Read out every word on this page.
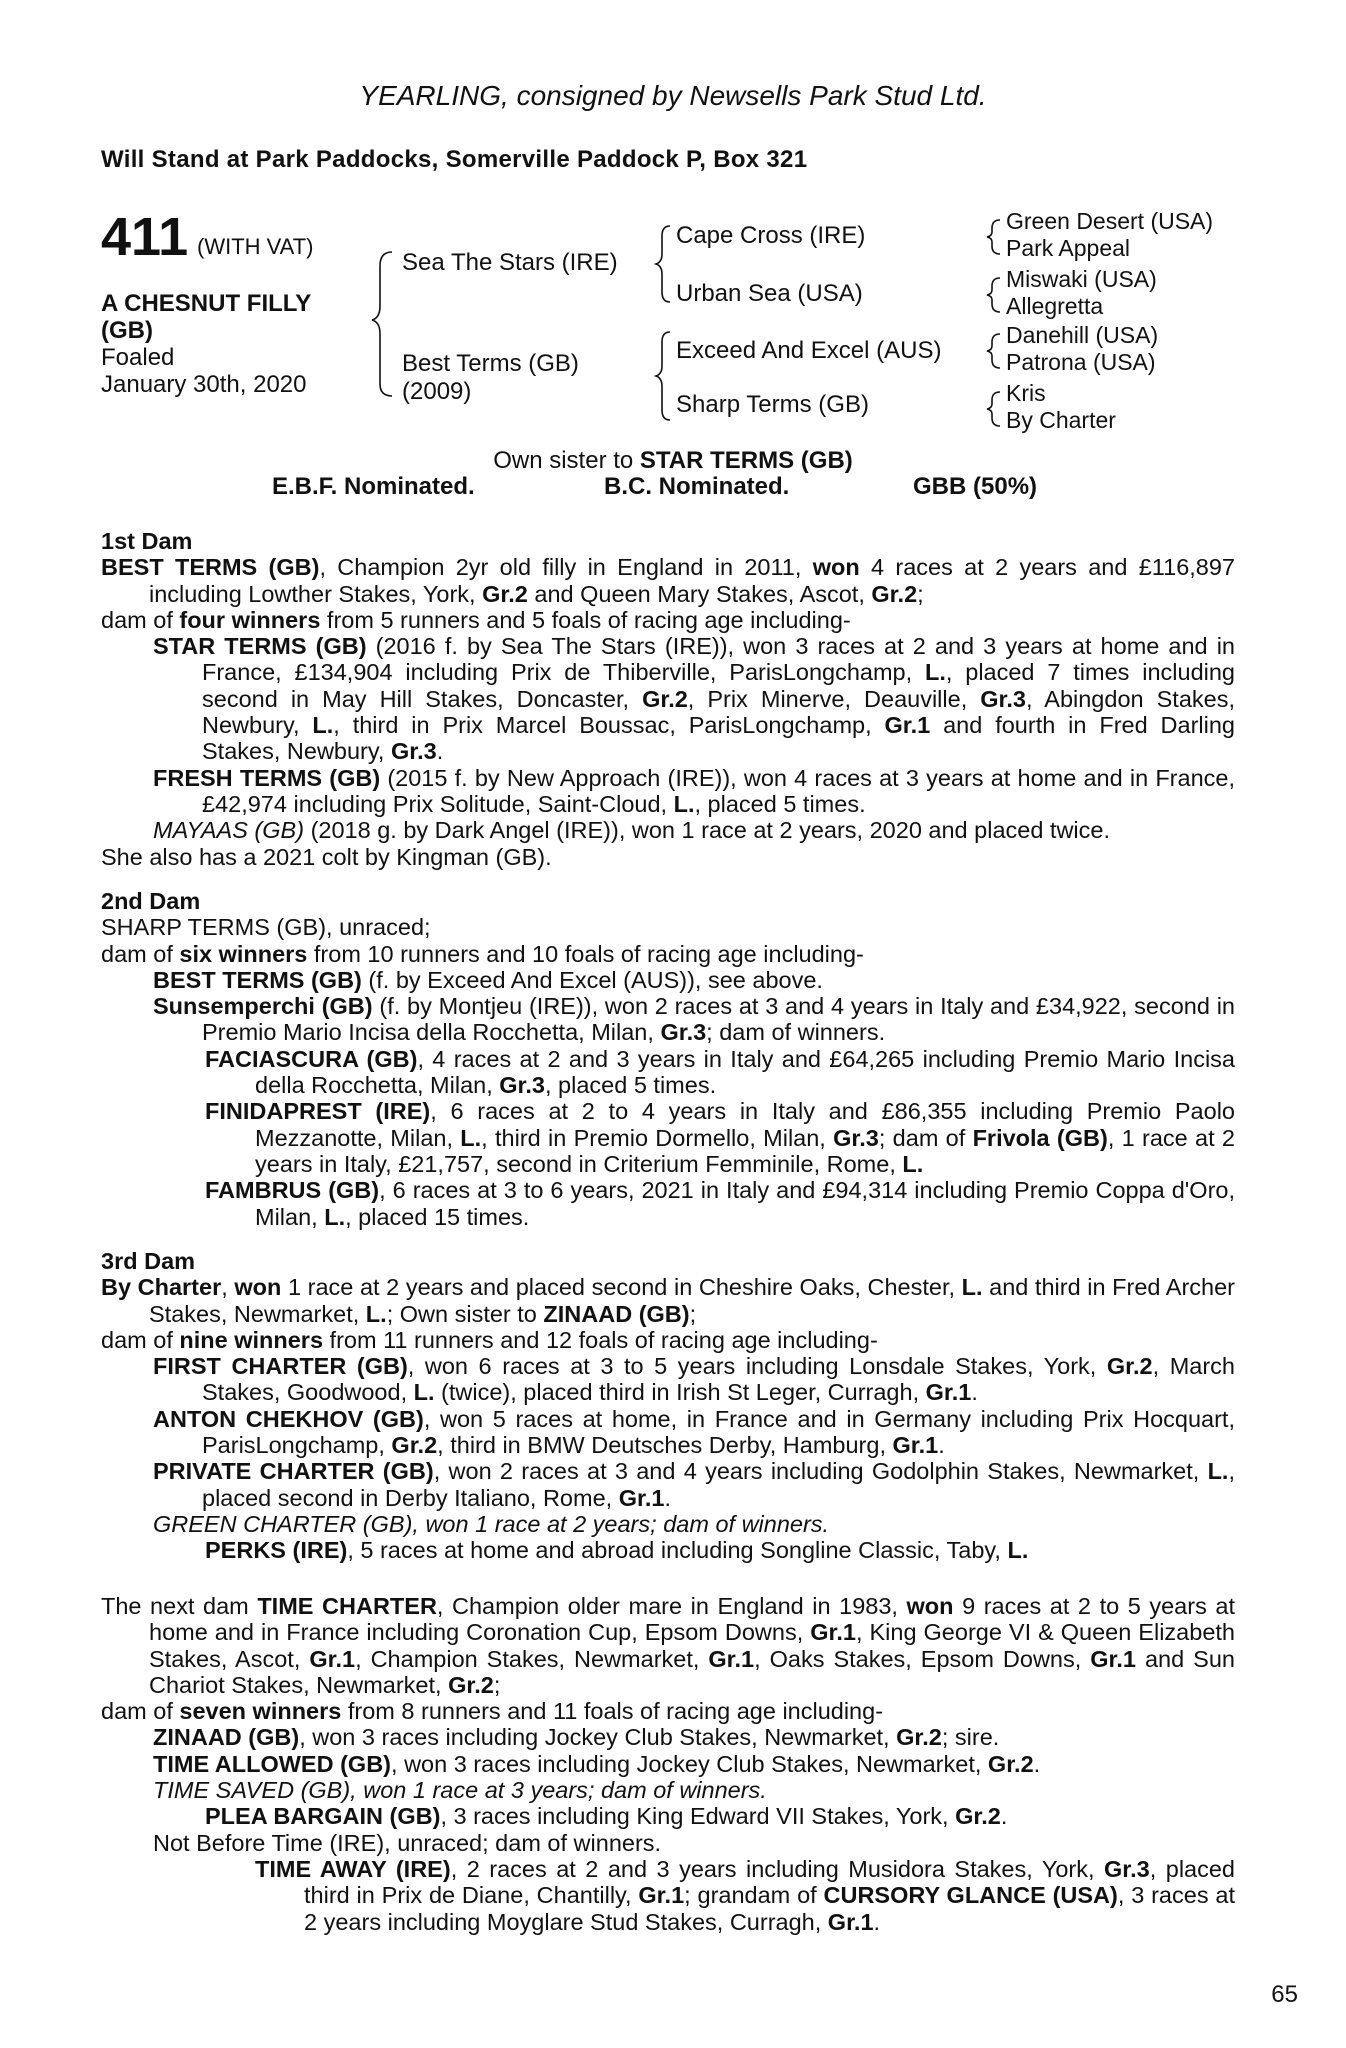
YEARLING, consigned by Newsells Park Stud Ltd.
Will Stand at Park Paddocks, Somerville Paddock P, Box 321
411 (WITH VAT)
A CHESNUT FILLY
(GB)
Foaled
January 30th, 2020
Sea The Stars (IRE)
Best Terms (GB)
(2009)
Cape Cross (IRE)
Urban Sea (USA)
Exceed And Excel (AUS)
Sharp Terms (GB)
Green Desert (USA)
Park Appeal
Miswaki (USA)
Allegretta
Danehill (USA)
Patrona (USA)
Kris
By Charter
Own sister to STAR TERMS (GB)
E.B.F. Nominated.	B.C. Nominated.	GBB (50%)

1st Dam

BEST TERMS (GB), Champion 2yr old filly in England in 2011, won 4 races at 2 years and £116,897 including Lowther Stakes, York, Gr.2 and Queen Mary Stakes, Ascot, Gr.2;

dam of four winners from 5 runners and 5 foals of racing age including-

STAR TERMS (GB) (2016 f. by Sea The Stars (IRE)), won 3 races at 2 and 3 years at home and in France, £134,904 including Prix de Thiberville, ParisLongchamp, L., placed 7 times including second in May Hill Stakes, Doncaster, Gr.2, Prix Minerve, Deauville, Gr.3, Abingdon Stakes, Newbury, L., third in Prix Marcel Boussac, ParisLongchamp, Gr.1 and fourth in Fred Darling Stakes, Newbury, Gr.3.

FRESH TERMS (GB) (2015 f. by New Approach (IRE)), won 4 races at 3 years at home and in France, £42,974 including Prix Solitude, Saint-Cloud, L., placed 5 times.

MAYAAS (GB) (2018 g. by Dark Angel (IRE)), won 1 race at 2 years, 2020 and placed twice.

She also has a 2021 colt by Kingman (GB).

2nd Dam

SHARP TERMS (GB), unraced;

dam of six winners from 10 runners and 10 foals of racing age including-

BEST TERMS (GB) (f. by Exceed And Excel (AUS)), see above.

Sunsemperchi (GB) (f. by Montjeu (IRE)), won 2 races at 3 and 4 years in Italy and £34,922, second in Premio Mario Incisa della Rocchetta, Milan, Gr.3; dam of winners.

FACIASCURA (GB), 4 races at 2 and 3 years in Italy and £64,265 including Premio Mario Incisa della Rocchetta, Milan, Gr.3, placed 5 times.

FINIDAPREST (IRE), 6 races at 2 to 4 years in Italy and £86,355 including Premio Paolo Mezzanotte, Milan, L., third in Premio Dormello, Milan, Gr.3; dam of Frivola (GB), 1 race at 2 years in Italy, £21,757, second in Criterium Femminile, Rome, L.

FAMBRUS (GB), 6 races at 3 to 6 years, 2021 in Italy and £94,314 including Premio Coppa d'Oro, Milan, L., placed 15 times.

3rd Dam

By Charter, won 1 race at 2 years and placed second in Cheshire Oaks, Chester, L. and third in Fred Archer Stakes, Newmarket, L.; Own sister to ZINAAD (GB);

dam of nine winners from 11 runners and 12 foals of racing age including-

FIRST CHARTER (GB), won 6 races at 3 to 5 years including Lonsdale Stakes, York, Gr.2, March Stakes, Goodwood, L. (twice), placed third in Irish St Leger, Curragh, Gr.1.

ANTON CHEKHOV (GB), won 5 races at home, in France and in Germany including Prix Hocquart, ParisLongchamp, Gr.2, third in BMW Deutsches Derby, Hamburg, Gr.1.

PRIVATE CHARTER (GB), won 2 races at 3 and 4 years including Godolphin Stakes, Newmarket, L., placed second in Derby Italiano, Rome, Gr.1.

GREEN CHARTER (GB), won 1 race at 2 years; dam of winners.

PERKS (IRE), 5 races at home and abroad including Songline Classic, Taby, L.

The next dam TIME CHARTER, Champion older mare in England in 1983, won 9 races at 2 to 5 years at home and in France including Coronation Cup, Epsom Downs, Gr.1, King George VI & Queen Elizabeth Stakes, Ascot, Gr.1, Champion Stakes, Newmarket, Gr.1, Oaks Stakes, Epsom Downs, Gr.1 and Sun Chariot Stakes, Newmarket, Gr.2;

dam of seven winners from 8 runners and 11 foals of racing age including-

ZINAAD (GB), won 3 races including Jockey Club Stakes, Newmarket, Gr.2; sire.

TIME ALLOWED (GB), won 3 races including Jockey Club Stakes, Newmarket, Gr.2.

TIME SAVED (GB), won 1 race at 3 years; dam of winners.

PLEA BARGAIN (GB), 3 races including King Edward VII Stakes, York, Gr.2.

Not Before Time (IRE), unraced; dam of winners.

TIME AWAY (IRE), 2 races at 2 and 3 years including Musidora Stakes, York, Gr.3, placed third in Prix de Diane, Chantilly, Gr.1; grandam of CURSORY GLANCE (USA), 3 races at 2 years including Moyglare Stud Stakes, Curragh, Gr.1.

65
